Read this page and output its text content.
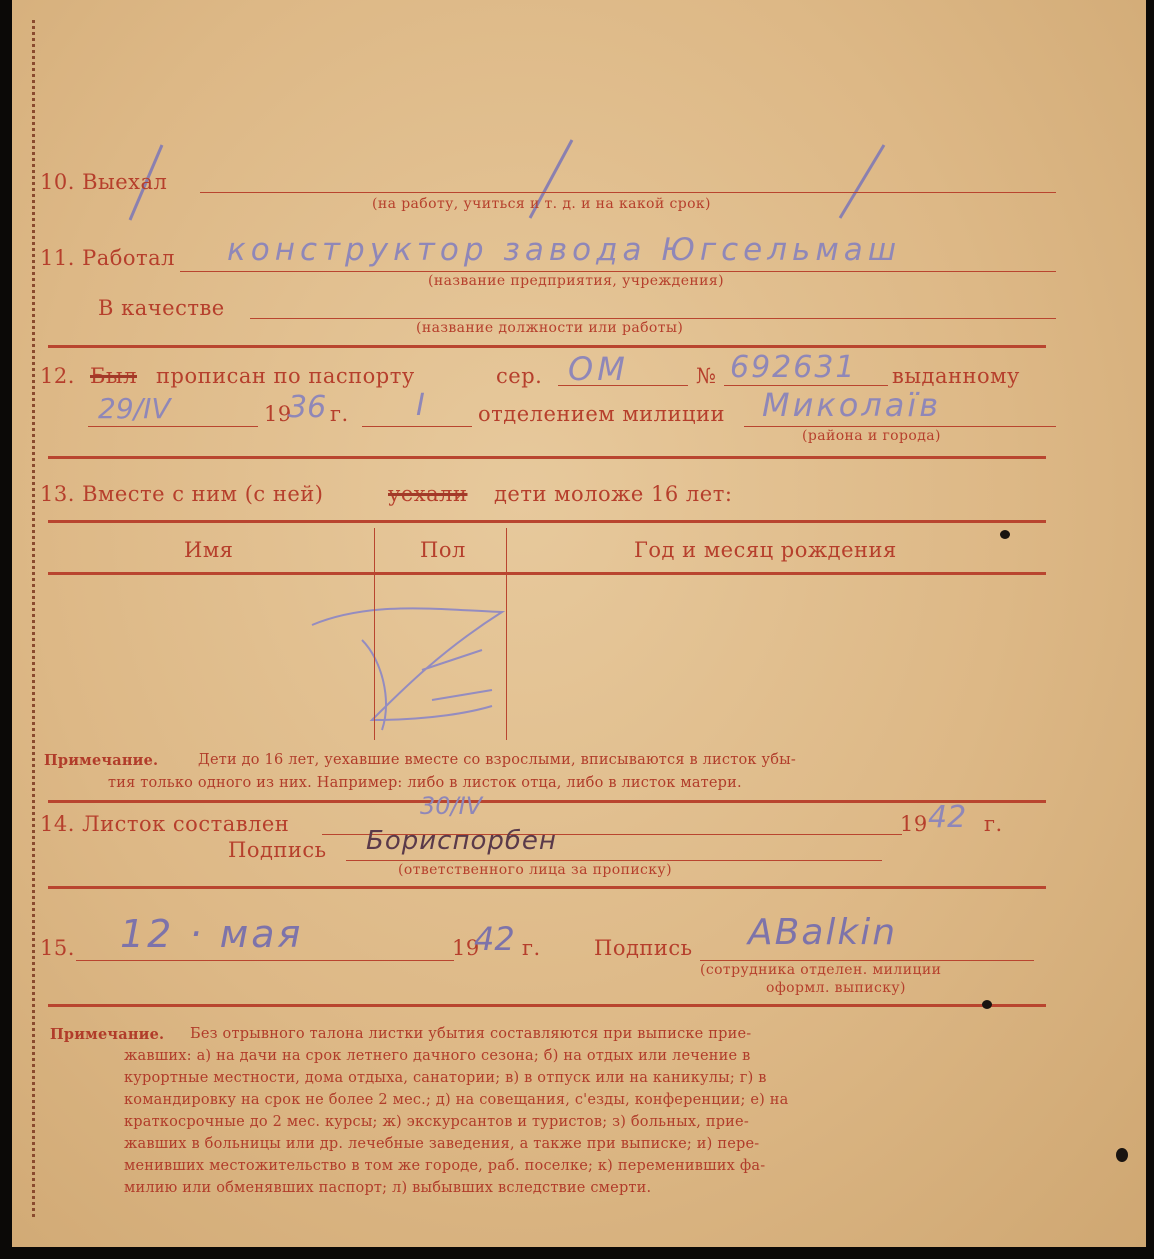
10. Выехал
(на работу, учиться и т. д. и на какой срок)
11. Работал конструктор завода Югсельмаш
(название предприятия, учреждения)
В качестве
(название должности или работы)
12. Был прописан по паспорту	сер. ОМ	№ 692631 выданному
29/IV	19
36 г. I	отделением милиции Миколаїв
(района и города)
13. Вместе с ним (с ней)	уехали дети моложе 16 лет:
Имя	Пол	Год и месяц рождения
Примечание.	Дети до 16 лет, уехавшие вместе со взрослыми, вписываются в листок убы-
тия только одного из них. Например: либо в листок отца, либо в листок матери.
30/IV
14. Листок составлен	19 42 г.
Подпись Бориспорбен
(ответственного лица за прописку)
15. 12 · мая	19
42 г.	Подпись ABalkin
(сотрудника отделен. милиции
оформл. выписку)
Примечание. Без отрывного талона листки убытия составляются при выписке прие-
жавших: а) на дачи на срок летнего дачного сезона; б) на отдых или лечение в
курортные местности, дома отдыха, санатории; в) в отпуск или на каникулы; г) в
командировку на срок не более 2 мес.; д) на совещания, с'езды, конференции; е) на
краткосрочные до 2 мес. курсы; ж) экскурсантов и туристов; з) больных, прие-
жавших в больницы или др. лечебные заведения, а также при выписке; и) пере-
менивших местожительство в том же городе, раб. поселке; к) переменивших фа-
милию или обменявших паспорт; л) выбывших вследствие смерти.
